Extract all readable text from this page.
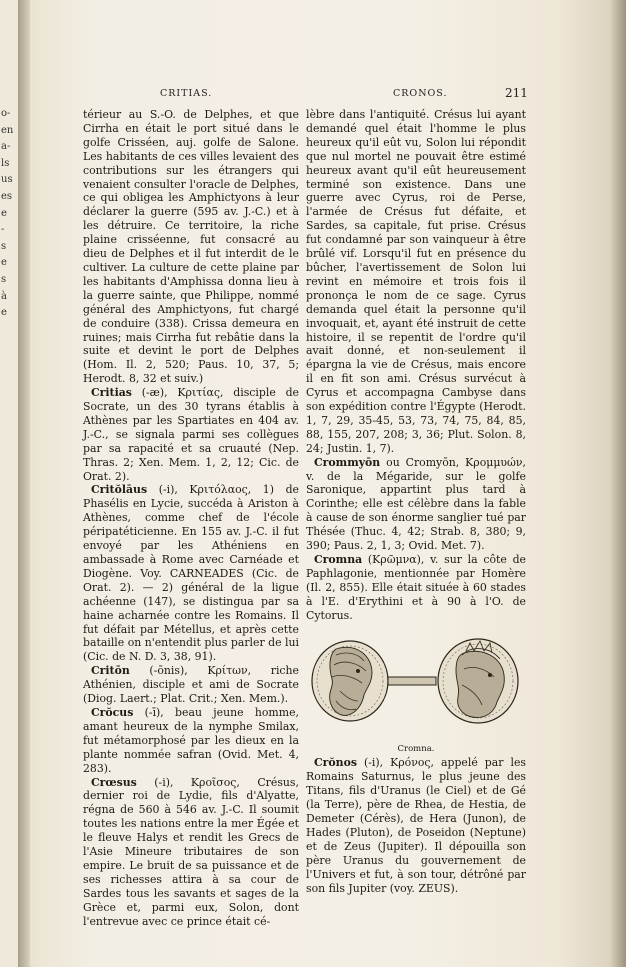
o-
en
a-
ls
us
es
e
-
s
e
s
à
e
CRITIAS.	CRONOS.	211

térieur au S.-O. de Delphes, et que Cirrha en était le port situé dans le golfe Crisséen, auj. golfe de Salone. Les habitants de ces villes levaient des contributions sur les étrangers qui venaient consulter l'oracle de Delphes, ce qui obligea les Amphictyons à leur déclarer la guerre (595 av. J.-C.) et à les détruire. Ce territoire, la riche plaine crisséenne, fut consacré au dieu de Delphes et il fut interdit de le cultiver. La culture de cette plaine par les habitants d'Amphissa donna lieu à la guerre sainte, que Philippe, nommé général des Amphictyons, fut chargé de conduire (338). Crissa demeura en ruines; mais Cirrha fut rebâtie dans la suite et devint le port de Delphes (Hom. Il. 2, 520; Paus. 10, 37, 5; Herodt. 8, 32 et suiv.)

Critias (-æ), Κριτίας, disciple de Socrate, un des 30 tyrans établis à Athènes par les Spartiates en 404 av. J.-C., se signala parmi ses collègues par sa rapacité et sa cruauté (Nep. Thras. 2; Xen. Mem. 1, 2, 12; Cic. de Orat. 2).

Critŏlāus (-i), Κριτόλαος, 1) de Phasélis en Lycie, succéda à Ariston à Athènes, comme chef de l'école péripatéticienne. En 155 av. J.-C. il fut envoyé par les Athéniens en ambassade à Rome avec Carnéade et Diogène. Voy. CARNEADES (Cic. de Orat. 2). — 2) général de la ligue achéenne (147), se distingua par sa haine acharnée contre les Romains. Il fut défait par Métellus, et après cette bataille on n'entendit plus parler de lui (Cic. de N. D. 3, 38, 91).

Critōn (-ōnis), Κρίτων, riche Athénien, disciple et ami de Socrate (Diog. Laert.; Plat. Crit.; Xen. Mem.).

Crŏcus (-ī), beau jeune homme, amant heureux de la nymphe Smilax, fut métamorphosé par les dieux en la plante nommée safran (Ovid. Met. 4, 283).

Crœsus (-i), Κροῖσος, Crésus, dernier roi de Lydie, fils d'Alyatte, régna de 560 à 546 av. J.-C. Il soumit toutes les nations entre la mer Égée et le fleuve Halys et rendit les Grecs de l'Asie Mineure tributaires de son empire. Le bruit de sa puissance et de ses richesses attira à sa cour de Sardes tous les savants et sages de la Grèce et, parmi eux, Solon, dont l'entrevue avec ce prince était cé-

lèbre dans l'antiquité. Crésus lui ayant demandé quel était l'homme le plus heureux qu'il eût vu, Solon lui répondit que nul mortel ne pouvait être estimé heureux avant qu'il eût heureusement terminé son existence. Dans une guerre avec Cyrus, roi de Perse, l'armée de Crésus fut défaite, et Sardes, sa capitale, fut prise. Crésus fut condamné par son vainqueur à être brûlé vif. Lorsqu'il fut en présence du bûcher, l'avertissement de Solon lui revint en mémoire et trois fois il prononça le nom de ce sage. Cyrus demanda quel était la personne qu'il invoquait, et, ayant été instruit de cette histoire, il se repentit de l'ordre qu'il avait donné, et non-seulement il épargna la vie de Crésus, mais encore il en fit son ami. Crésus survécut à Cyrus et accompagna Cambyse dans son expédition contre l'Égypte (Herodt. 1, 7, 29, 35-45, 53, 73, 74, 75, 84, 85, 88, 155, 207, 208; 3, 36; Plut. Solon. 8, 24; Justin. 1, 7).

Crommyōn ou Cromyōn, Κρομμυών, v. de la Mégaride, sur le golfe Saronique, appartint plus tard à Corinthe; elle est célèbre dans la fable à cause de son énorme sanglier tué par Thésée (Thuc. 4, 42; Strab. 8, 380; 9, 390; Paus. 2, 1, 3; Ovid. Met. 7).

Cromna (Κρῶμνα), v. sur la côte de Paphlagonie, mentionnée par Homère (Il. 2, 855). Elle était située à 60 stades à l'E. d'Erythini et à 90 à l'O. de Cytorus.

Cromna.

Crŏnos (-i), Κρόνος, appelé par les Romains Saturnus, le plus jeune des Titans, fils d'Uranus (le Ciel) et de Gé (la Terre), père de Rhea, de Hestia, de Demeter (Cérès), de Hera (Junon), de Hades (Pluton), de Poseidon (Neptune) et de Zeus (Jupiter). Il dépouilla son père Uranus du gouvernement de l'Univers et fut, à son tour, détrôné par son fils Jupiter (voy. ZEUS).
